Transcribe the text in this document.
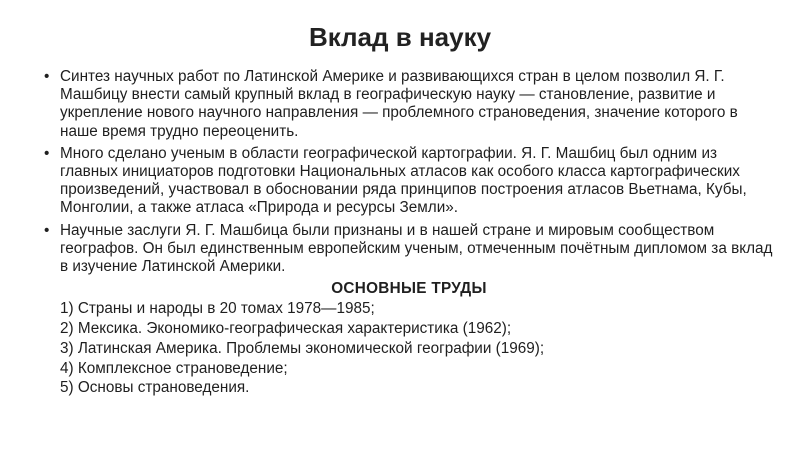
Вклад в науку
• Синтез научных работ по Латинской Америке и развивающихся стран в целом позволил Я. Г. Машбицу внести самый крупный вклад в географическую науку — становление, развитие и укрепление нового научного направления — проблемного страноведения, значение которого в наше время трудно переоценить.
• Много сделано ученым в области географической картографии. Я. Г. Машбиц был одним из главных инициаторов подготовки Национальных атласов как особого класса картографических произведений, участвовал в обосновании ряда принципов построения атласов Вьетнама, Кубы, Монголии, а также атласа «Природа и ресурсы Земли».
• Научные заслуги Я. Г. Машбица были признаны и в нашей стране и мировым сообществом географов. Он был единственным европейским ученым, отмеченным почётным дипломом за вклад в изучение Латинской Америки.
ОСНОВНЫЕ ТРУДЫ
1) Страны и народы в 20 томах 1978—1985;
2) Мексика. Экономико-географическая характеристика (1962);
3) Латинская Америка. Проблемы экономической географии (1969);
4) Комплексное страноведение;
5) Основы страноведения.
